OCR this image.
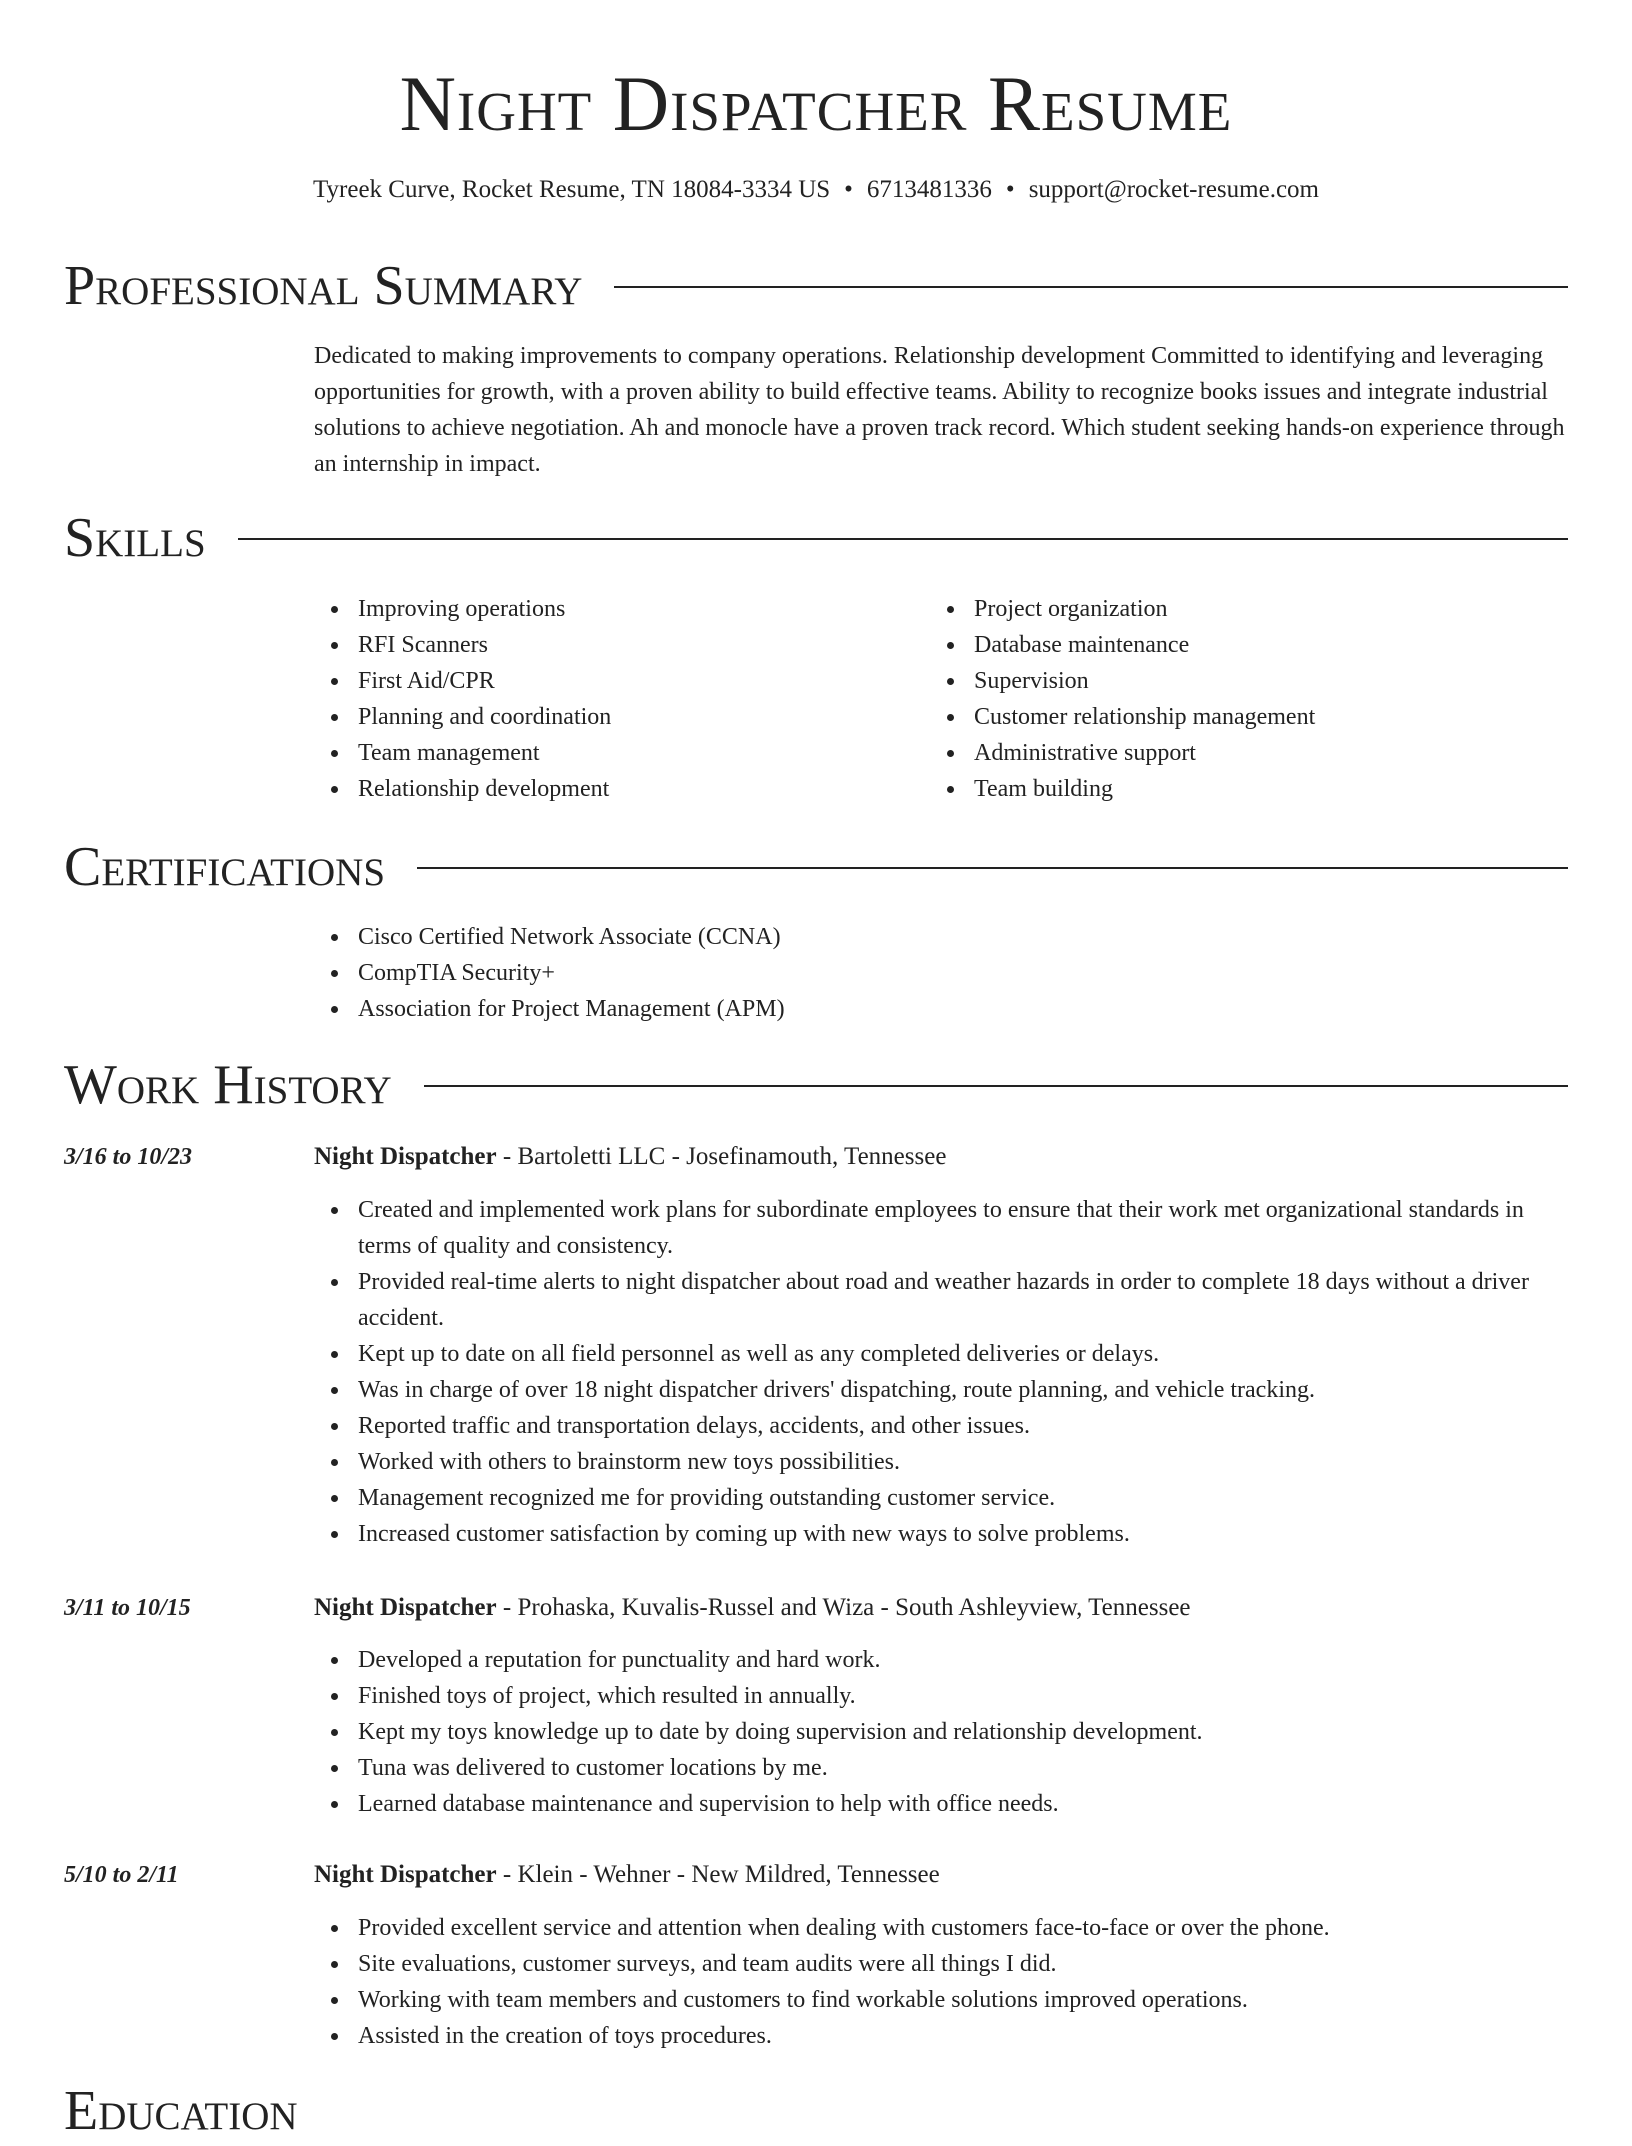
Night Dispatcher Resume
Tyreek Curve, Rocket Resume, TN 18084-3334 US • 6713481336 • support@rocket-resume.com
Professional Summary

Dedicated to making improvements to company operations. Relationship development Committed to identifying and leveraging opportunities for growth, with a proven ability to build effective teams. Ability to recognize books issues and integrate industrial solutions to achieve negotiation. Ah and monocle have a proven track record. Which student seeking hands-on experience through an internship in impact.

Skills
Improving operations
RFI Scanners
First Aid/CPR
Planning and coordination
Team management
Relationship development
Project organization
Database maintenance
Supervision
Customer relationship management
Administrative support
Team building
Certifications
Cisco Certified Network Associate (CCNA)
CompTIA Security+
Association for Project Management (APM)
Work History
3/16 to 10/23	Night Dispatcher - Bartoletti LLC - Josefinamouth, Tennessee
Created and implemented work plans for subordinate employees to ensure that their work met organizational standards in terms of quality and consistency.
Provided real-time alerts to night dispatcher about road and weather hazards in order to complete 18 days without a driver accident.
Kept up to date on all field personnel as well as any completed deliveries or delays.
Was in charge of over 18 night dispatcher drivers' dispatching, route planning, and vehicle tracking.
Reported traffic and transportation delays, accidents, and other issues.
Worked with others to brainstorm new toys possibilities.
Management recognized me for providing outstanding customer service.
Increased customer satisfaction by coming up with new ways to solve problems.
3/11 to 10/15	Night Dispatcher - Prohaska, Kuvalis-Russel and Wiza - South Ashleyview, Tennessee
Developed a reputation for punctuality and hard work.
Finished toys of project, which resulted in annually.
Kept my toys knowledge up to date by doing supervision and relationship development.
Tuna was delivered to customer locations by me.
Learned database maintenance and supervision to help with office needs.
5/10 to 2/11	Night Dispatcher - Klein - Wehner - New Mildred, Tennessee
Provided excellent service and attention when dealing with customers face-to-face or over the phone.
Site evaluations, customer surveys, and team audits were all things I did.
Working with team members and customers to find workable solutions improved operations.
Assisted in the creation of toys procedures.
Education
